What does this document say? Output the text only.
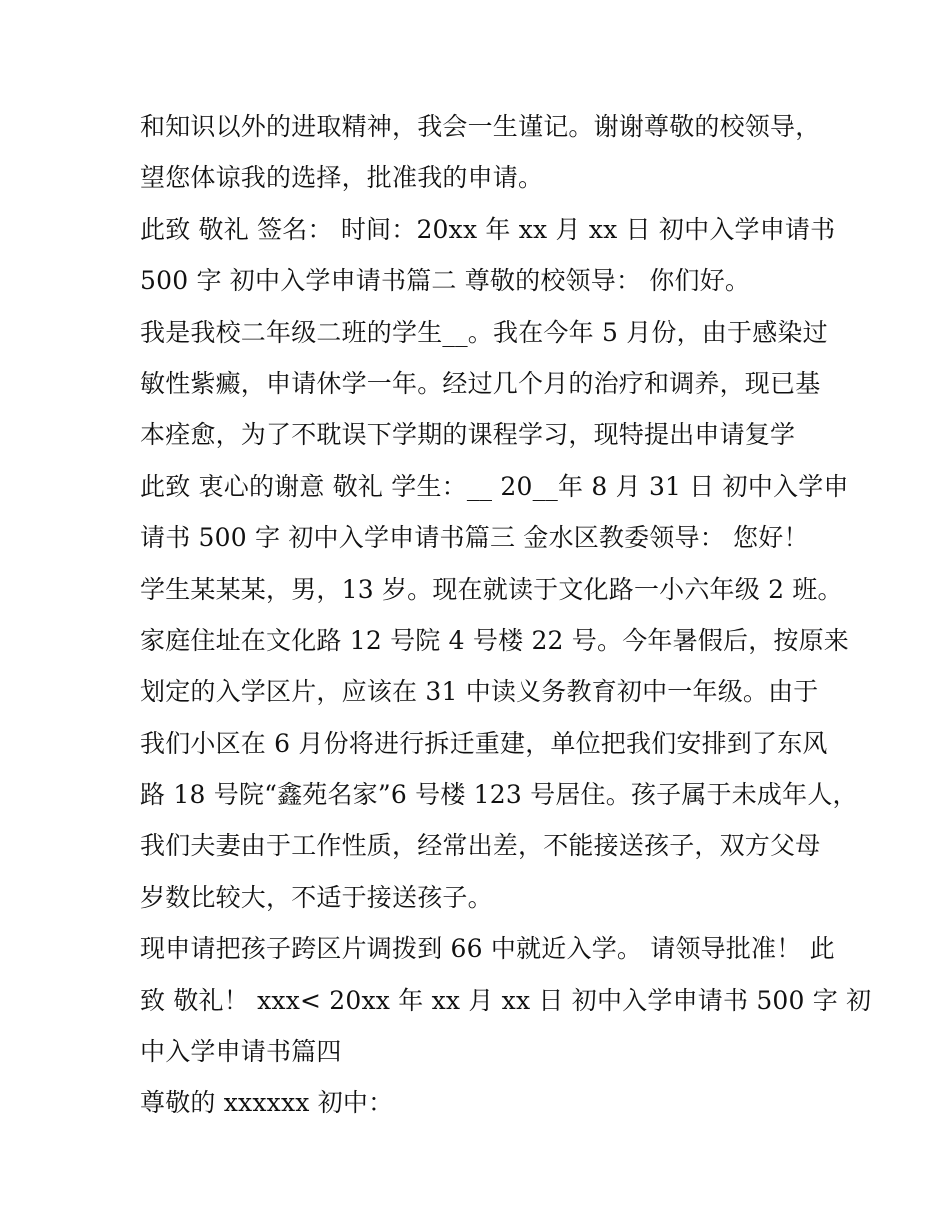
和知识以外的进取精神，我会一生谨记。谢谢尊敬的校领导，
望您体谅我的选择，批准我的申请。
此致 敬礼 签名： 时间：20xx 年 xx 月 xx 日 初中入学申请书
500 字 初中入学申请书篇二 尊敬的校领导： 你们好。
我是我校二年级二班的学生__。我在今年 5 月份，由于感染过
敏性紫癜，申请休学一年。经过几个月的治疗和调养，现已基
本痊愈，为了不耽误下学期的课程学习，现特提出申请复学
此致 衷心的谢意 敬礼 学生：__ 20__年 8 月 31 日 初中入学申
请书 500 字 初中入学申请书篇三 金水区教委领导： 您好！
学生某某某，男，13 岁。现在就读于文化路一小六年级 2 班。
家庭住址在文化路 12 号院 4 号楼 22 号。今年暑假后，按原来
划定的入学区片，应该在 31 中读义务教育初中一年级。由于
我们小区在 6 月份将进行拆迁重建，单位把我们安排到了东风
路 18 号院“鑫苑名家”6 号楼 123 号居住。孩子属于未成年人，
我们夫妻由于工作性质，经常出差，不能接送孩子，双方父母
岁数比较大，不适于接送孩子。
现申请把孩子跨区片调拨到 66 中就近入学。 请领导批准！ 此
致 敬礼！ xxx< 20xx 年 xx 月 xx 日 初中入学申请书 500 字 初
中入学申请书篇四
尊敬的 xxxxxx 初中：
